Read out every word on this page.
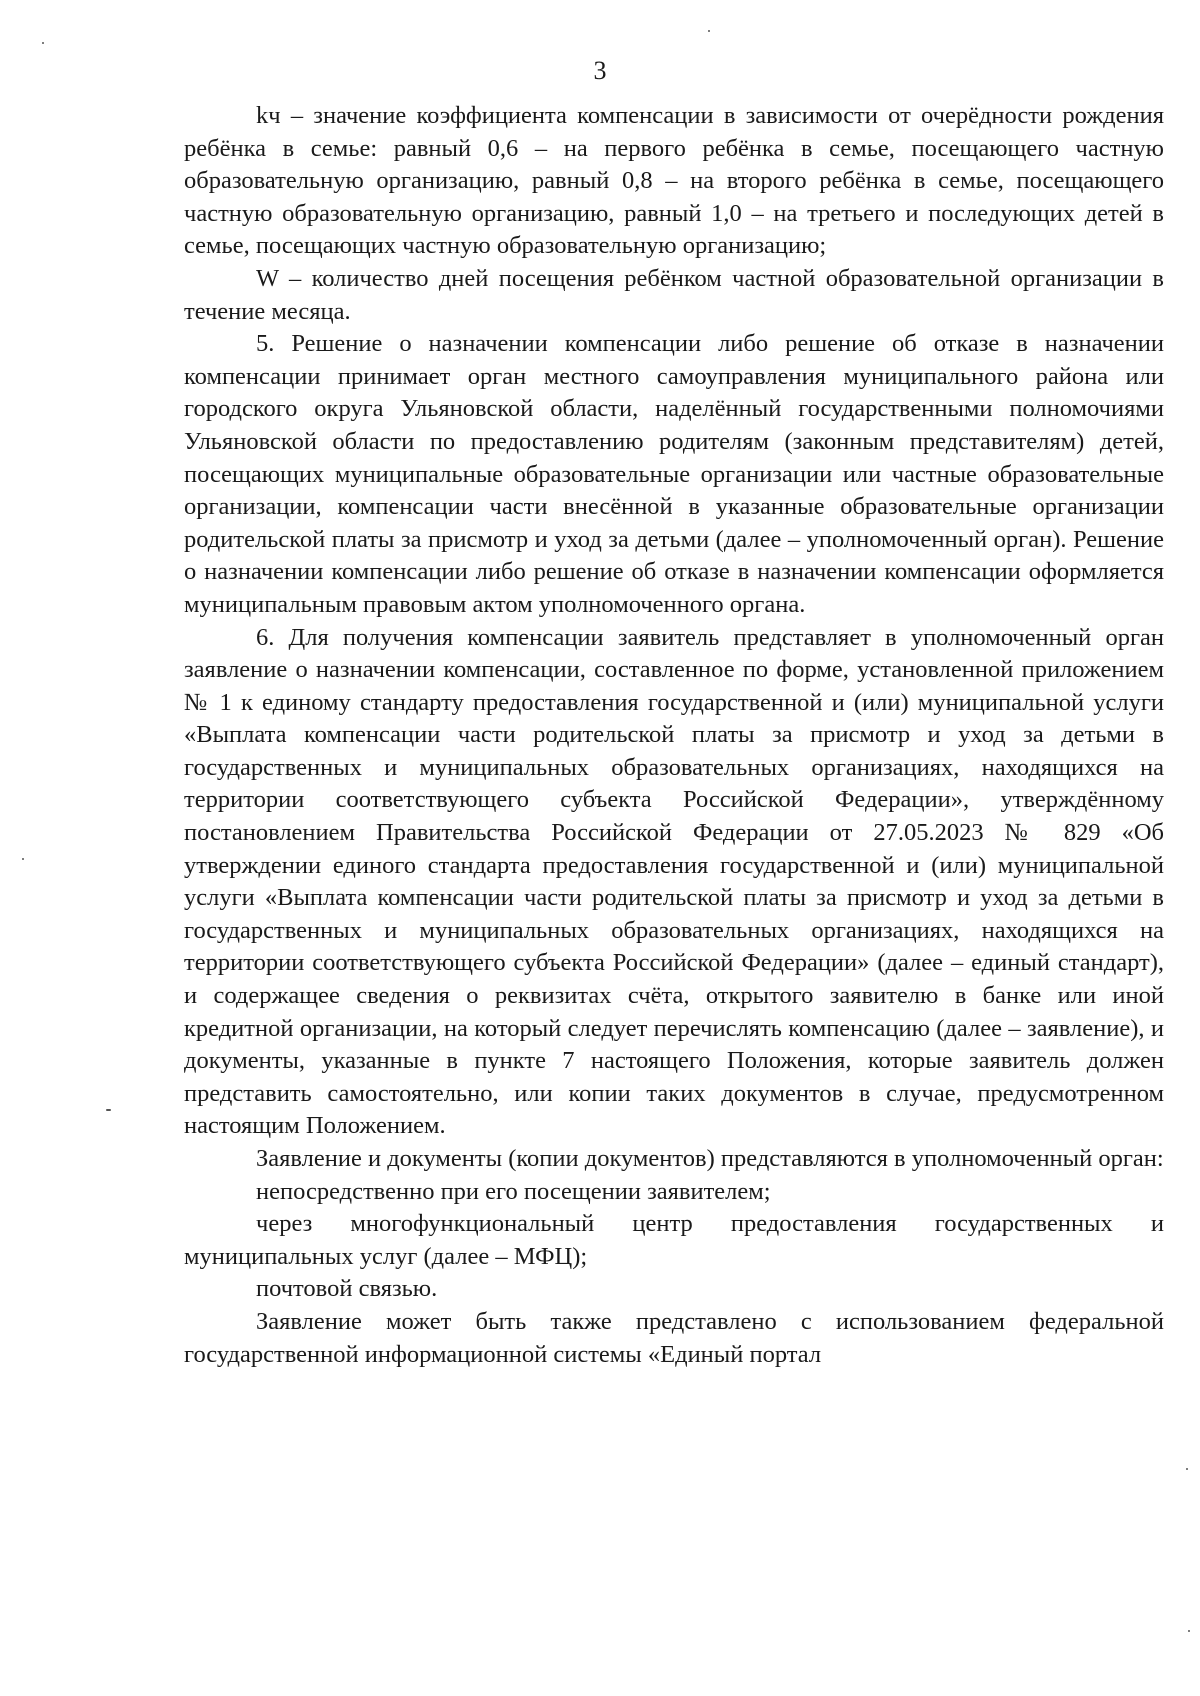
3

kч – значение коэффициента компенсации в зависимости от очерёдности рождения ребёнка в семье: равный 0,6 – на первого ребёнка в семье, посещающего частную образовательную организацию, равный 0,8 – на второго ребёнка в семье, посещающего частную образовательную организацию, равный 1,0 – на третьего и последующих детей в семье, посещающих частную образовательную организацию;

W – количество дней посещения ребёнком частной образовательной организации в течение месяца.

5. Решение о назначении компенсации либо решение об отказе в назначении компенсации принимает орган местного самоуправления муниципального района или городского округа Ульяновской области, наделённый государственными полномочиями Ульяновской области по предоставлению родителям (законным представителям) детей, посещающих муниципальные образовательные организации или частные образовательные организации, компенсации части внесённой в указанные образовательные организации родительской платы за присмотр и уход за детьми (далее – уполномоченный орган). Решение о назначении компенсации либо решение об отказе в назначении компенсации оформляется муниципальным правовым актом уполномоченного органа.

6. Для получения компенсации заявитель представляет в уполномоченный орган заявление о назначении компенсации, составленное по форме, установленной приложением № 1 к единому стандарту предоставления государственной и (или) муниципальной услуги «Выплата компенсации части родительской платы за присмотр и уход за детьми в государственных и муниципальных образовательных организациях, находящихся на территории соответствующего субъекта Российской Федерации», утверждённому постановлением Правительства Российской Федерации от 27.05.2023 № 829 «Об утверждении единого стандарта предоставления государственной и (или) муниципальной услуги «Выплата компенсации части родительской платы за присмотр и уход за детьми в государственных и муниципальных образовательных организациях, находящихся на территории соответствующего субъекта Российской Федерации» (далее – единый стандарт), и содержащее сведения о реквизитах счёта, открытого заявителю в банке или иной кредитной организации, на который следует перечислять компенсацию (далее – заявление), и документы, указанные в пункте 7 настоящего Положения, которые заявитель должен представить самостоятельно, или копии таких документов в случае, предусмотренном настоящим Положением.

Заявление и документы (копии документов) представляются в уполномоченный орган:

непосредственно при его посещении заявителем;

через многофункциональный центр предоставления государственных и муниципальных услуг (далее – МФЦ);

почтовой связью.

Заявление может быть также представлено с использованием федеральной государственной информационной системы «Единый портал
